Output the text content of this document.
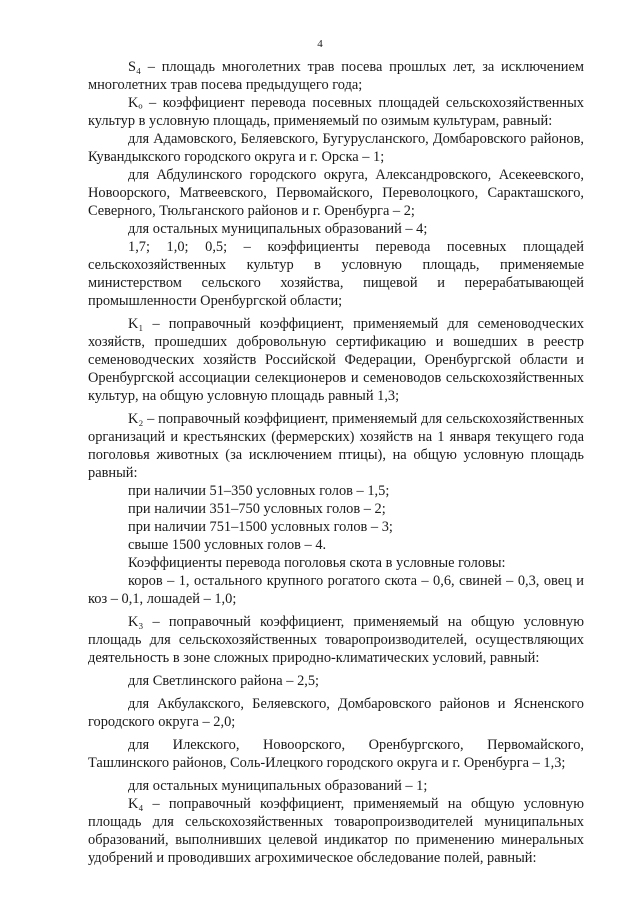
4

S₄ – площадь многолетних трав посева прошлых лет, за исключением многолетних трав посева предыдущего года;

Kₒ – коэффициент перевода посевных площадей сельскохозяйственных культур в условную площадь, применяемый по озимым культурам, равный:

для Адамовского, Беляевского, Бугурусланского, Домбаровского районов, Кувандыкского городского округа и г. Орска – 1;

для Абдулинского городского округа, Александровского, Асекеевского, Новоорского, Матвеевского, Первомайского, Переволоцкого, Саракташского, Северного, Тюльганского районов и г. Оренбурга – 2;

для остальных муниципальных образований – 4;

1,7; 1,0; 0,5; – коэффициенты перевода посевных площадей сельскохозяйственных культур в условную площадь, применяемые министерством сельского хозяйства, пищевой и перерабатывающей промышленности Оренбургской области;

K₁ – поправочный коэффициент, применяемый для семеноводческих хозяйств, прошедших добровольную сертификацию и вошедших в реестр семеноводческих хозяйств Российской Федерации, Оренбургской области и Оренбургской ассоциации селекционеров и семеноводов сельскохозяйственных культур, на общую условную площадь равный 1,3;

K₂ – поправочный коэффициент, применяемый для сельскохозяйственных организаций и крестьянских (фермерских) хозяйств на 1 января текущего года поголовья животных (за исключением птицы), на общую условную площадь равный:

при наличии 51–350 условных голов – 1,5;

при наличии 351–750 условных голов – 2;

при наличии 751–1500 условных голов – 3;

свыше 1500 условных голов – 4.

Коэффициенты перевода поголовья скота в условные головы:

коров – 1, остального крупного рогатого скота – 0,6, свиней – 0,3, овец и коз – 0,1, лошадей – 1,0;

K₃ – поправочный коэффициент, применяемый на общую условную площадь для сельскохозяйственных товаропроизводителей, осуществляющих деятельность в зоне сложных природно-климатических условий, равный:

для Светлинского района – 2,5;

для Акбулакского, Беляевского, Домбаровского районов и Ясненского городского округа – 2,0;

для Илекского, Новоорского, Оренбургского, Первомайского, Ташлинского районов, Соль-Илецкого городского округа и г. Оренбурга – 1,3;

для остальных муниципальных образований – 1;

K₄ – поправочный коэффициент, применяемый на общую условную площадь для сельскохозяйственных товаропроизводителей муниципальных образований, выполнивших целевой индикатор по применению минеральных удобрений и проводивших агрохимическое обследование полей, равный:
